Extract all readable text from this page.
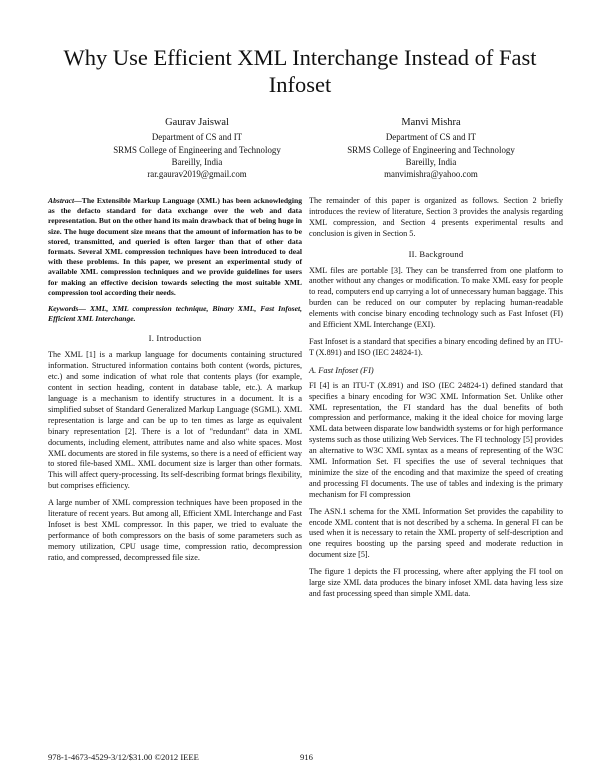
Why Use Efficient XML Interchange Instead of Fast Infoset
Gaurav Jaiswal
Department of CS and IT
SRMS College of Engineering and Technology
Bareilly, India
rar.gaurav2019@gmail.com
Manvi Mishra
Department of CS and IT
SRMS College of Engineering and Technology
Bareilly, India
manvimishra@yahoo.com

Abstract—The Extensible Markup Language (XML) has been acknowledging as the defacto standard for data exchange over the web and data representation. But on the other hand its main drawback that of being huge in size. The huge document size means that the amount of information has to be stored, transmitted, and queried is often larger than that of other data formats. Several XML compression techniques have been introduced to deal with these problems. In this paper, we present an experimental study of available XML compression techniques and we provide guidelines for users for making an effective decision towards selecting the most suitable XML compression tool according their needs.

Keywords— XML, XML compression technique, Binary XML, Fast Infoset, Efficient XML Interchange.

I. Introduction

The XML [1] is a markup language for documents containing structured information. Structured information contains both content (words, pictures, etc.) and some indication of what role that contents plays (for example, content in section heading, content in database table, etc.). A markup language is a mechanism to identify structures in a document. It is a simplified subset of Standard Generalized Markup Language (SGML). XML representation is large and can be up to ten times as large as equivalent binary representation [2]. There is a lot of "redundant" data in XML documents, including element, attributes name and also white spaces. Most XML documents are stored in file systems, so there is a need of efficient way to stored file-based XML. XML document size is larger than other formats. This will affect query-processing. Its self-describing format brings flexibility, but comprises efficiency.

A large number of XML compression techniques have been proposed in the literature of recent years. But among all, Efficient XML Interchange and Fast Infoset is best XML compressor. In this paper, we tried to evaluate the performance of both compressors on the basis of some parameters such as memory utilization, CPU usage time, compression ratio, decompression ratio, and compressed, decompressed file size.

The remainder of this paper is organized as follows. Section 2 briefly introduces the review of literature, Section 3 provides the analysis regarding XML compression, and Section 4 presents experimental results and conclusion is given in Section 5.

II. Background

XML files are portable [3]. They can be transferred from one platform to another without any changes or modification. To make XML easy for people to read, computers end up carrying a lot of unnecessary human baggage. This burden can be reduced on our computer by replacing human-readable elements with concise binary encoding technology such as Fast Infoset (FI) and Efficient XML Interchange (EXI).

Fast Infoset is a standard that specifies a binary encoding defined by an ITU-T (X.891) and ISO (IEC 24824-1).

A. Fast Infoset (FI)

FI [4] is an ITU-T (X.891) and ISO (IEC 24824-1) defined standard that specifies a binary encoding for W3C XML Information Set. Unlike other XML representation, the FI standard has the dual benefits of both compression and performance, making it the ideal choice for moving large XML data between disparate low bandwidth systems or for high performance systems such as those utilizing Web Services. The FI technology [5] provides an alternative to W3C XML syntax as a means of representing of the W3C XML Information Set. FI specifies the use of several techniques that minimize the size of the encoding and that maximize the speed of creating and processing FI documents. The use of tables and indexing is the primary mechanism for FI compression

The ASN.1 schema for the XML Information Set provides the capability to encode XML content that is not described by a schema. In general FI can be used when it is necessary to retain the XML property of self-description and one requires boosting up the parsing speed and moderate reduction in document size [5].

The figure 1 depicts the FI processing, where after applying the FI tool on large size XML data produces the binary infoset XML data having less size and fast processing speed than simple XML data.

978-1-4673-4529-3/12/$31.00 ©2012 IEEE	916
